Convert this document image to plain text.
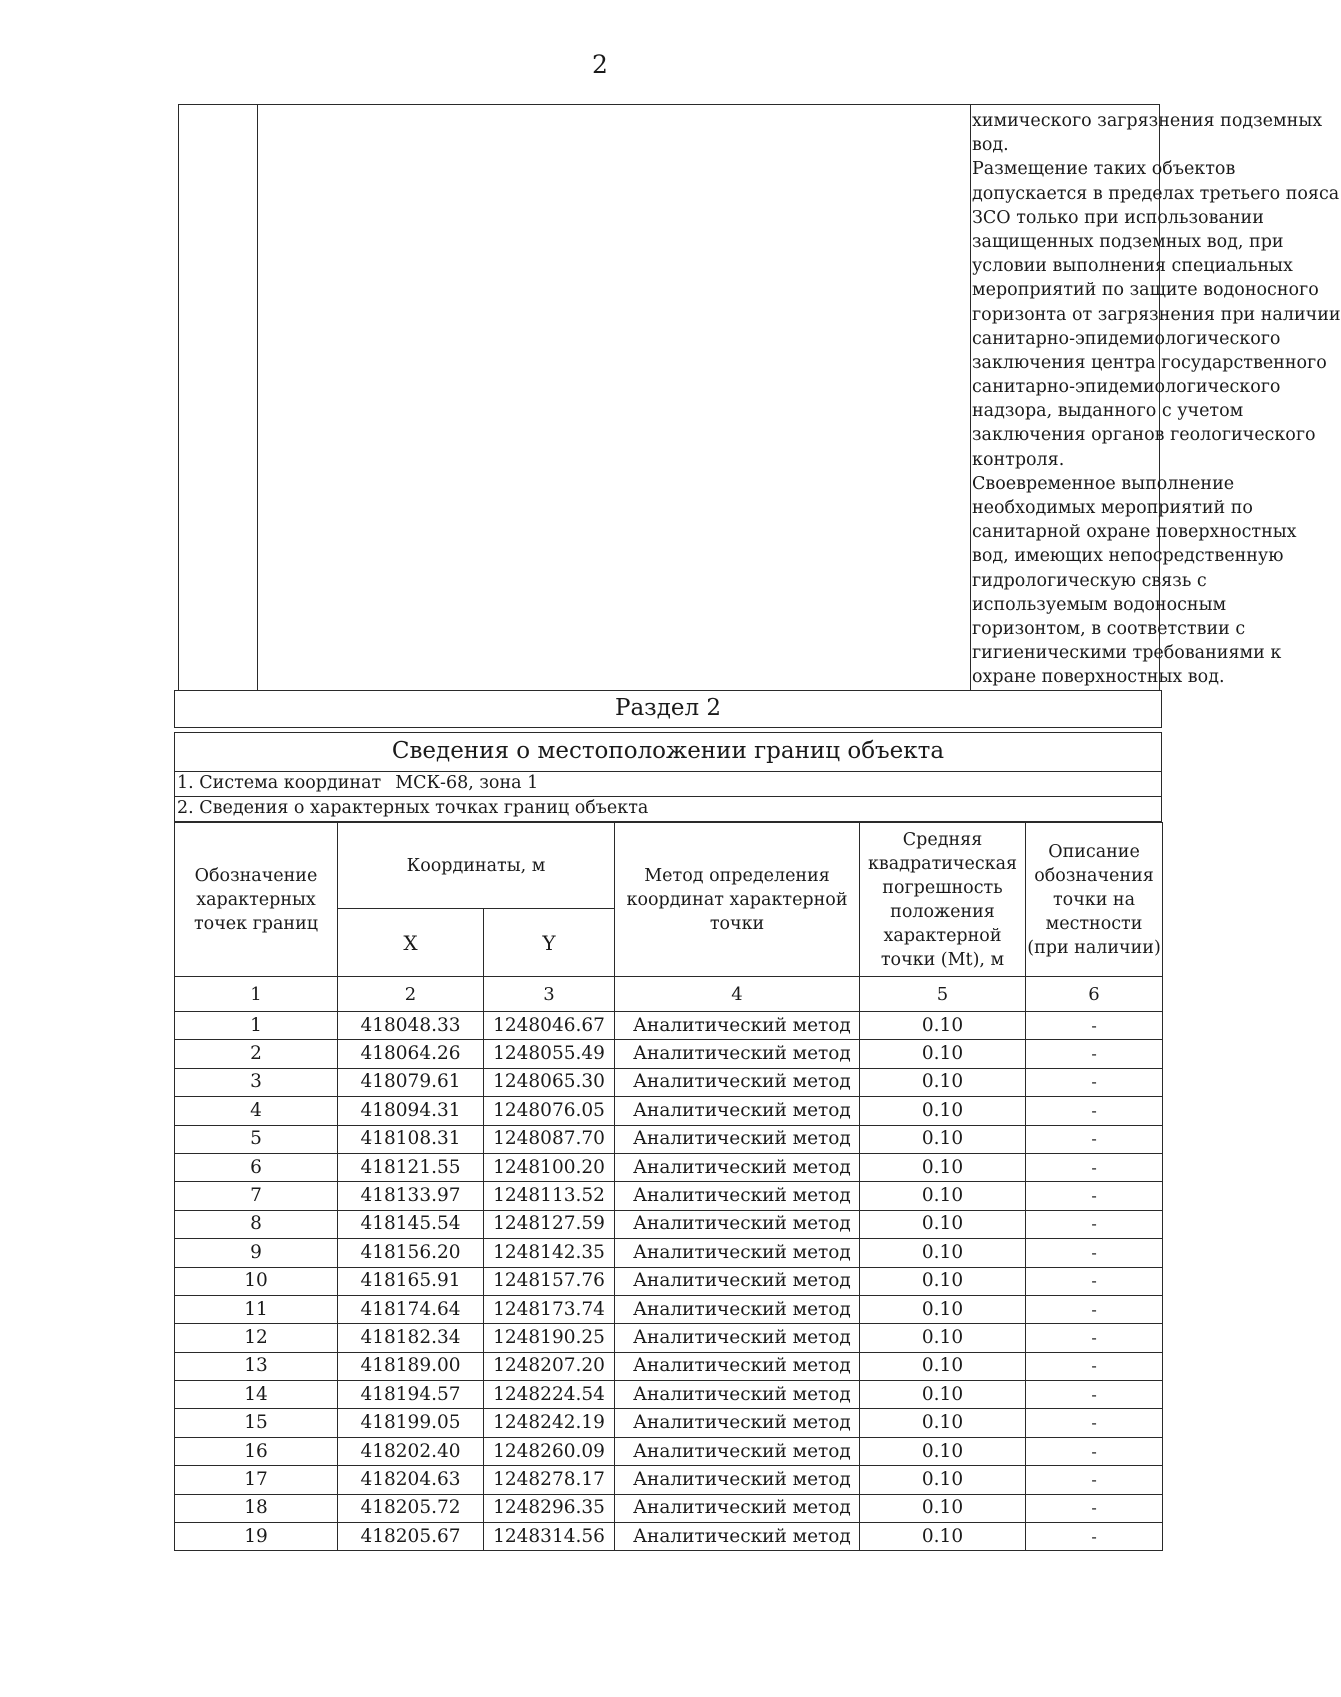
2
химического загрязнения подземных
вод.
Размещение таких объектов
допускается в пределах третьего пояса
ЗСО только при использовании
защищенных подземных вод, при
условии выполнения специальных
мероприятий по защите водоносного
горизонта от загрязнения при наличии
санитарно-эпидемиологического
заключения центра государственного
санитарно-эпидемиологического
надзора, выданного с учетом
заключения органов геологического
контроля.
Своевременное выполнение
необходимых мероприятий по
санитарной охране поверхностных
вод, имеющих непосредственную
гидрологическую связь с
используемым водоносным
горизонтом, в соответствии с
гигиеническими требованиями к
охране поверхностных вод.
Раздел 2
Сведения о местоположении границ объекта
1. Система координат МСК-68, зона 1
2. Сведения о характерных точках границ объекта
Обозначение характерных точек границ	Координаты, м		Метод определения координат характерной точки	Средняя квадратическая погрешность положения характерной точки (Mt), м	Описание обозначения точки на местности (при наличии)
	X	Y			
1	2	3	4	5	6
1	418048.33	1248046.67	Аналитический метод	0.10	-
2	418064.26	1248055.49	Аналитический метод	0.10	-
3	418079.61	1248065.30	Аналитический метод	0.10	-
4	418094.31	1248076.05	Аналитический метод	0.10	-
5	418108.31	1248087.70	Аналитический метод	0.10	-
6	418121.55	1248100.20	Аналитический метод	0.10	-
7	418133.97	1248113.52	Аналитический метод	0.10	-
8	418145.54	1248127.59	Аналитический метод	0.10	-
9	418156.20	1248142.35	Аналитический метод	0.10	-
10	418165.91	1248157.76	Аналитический метод	0.10	-
11	418174.64	1248173.74	Аналитический метод	0.10	-
12	418182.34	1248190.25	Аналитический метод	0.10	-
13	418189.00	1248207.20	Аналитический метод	0.10	-
14	418194.57	1248224.54	Аналитический метод	0.10	-
15	418199.05	1248242.19	Аналитический метод	0.10	-
16	418202.40	1248260.09	Аналитический метод	0.10	-
17	418204.63	1248278.17	Аналитический метод	0.10	-
18	418205.72	1248296.35	Аналитический метод	0.10	-
19	418205.67	1248314.56	Аналитический метод	0.10	-
